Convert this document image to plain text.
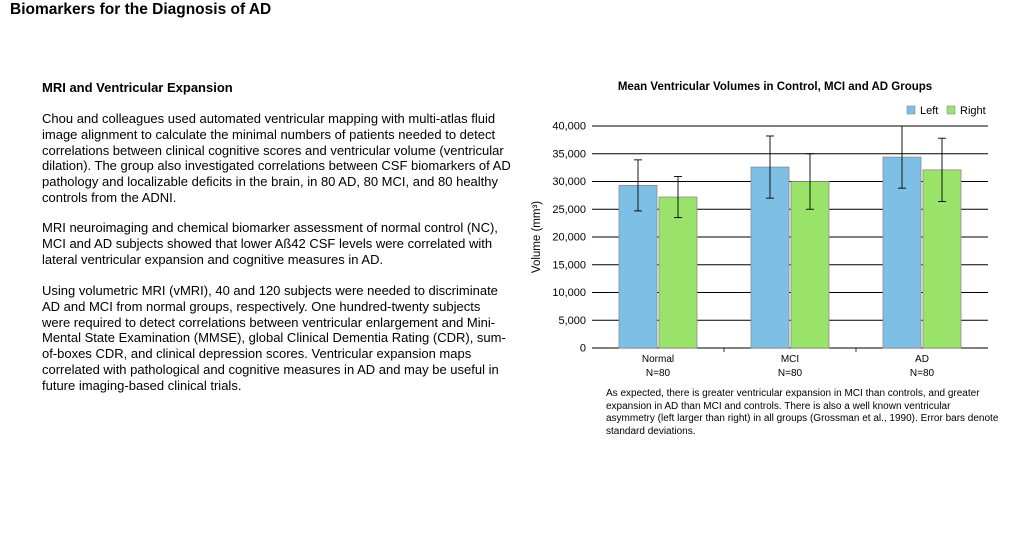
Biomarkers for the Diagnosis of AD
MRI and Ventricular Expansion

Chou and colleagues used automated ventricular mapping with multi-atlas fluid image alignment to calculate the minimal numbers of patients needed to detect correlations between clinical cognitive scores and ventricular volume (ventricular dilation). The group also investigated correlations between CSF biomarkers of AD pathology and localizable deficits in the brain, in 80 AD, 80 MCI, and 80 healthy controls from the ADNI.

MRI neuroimaging and chemical biomarker assessment of normal control (NC), MCI and AD subjects showed that lower Aß42 CSF levels were correlated with lateral ventricular expansion and cognitive measures in AD.

Using volumetric MRI (vMRI), 40 and 120 subjects were needed to discriminate AD and MCI from normal groups, respectively. One hundred-twenty subjects were required to detect correlations between ventricular enlargement and Mini-Mental State Examination (MMSE), global Clinical Dementia Rating (CDR), sum-of-boxes CDR, and clinical depression scores. Ventricular expansion maps correlated with pathological and cognitive measures in AD and may be useful in future imaging-based clinical trials.

Mean Ventricular Volumes in Control, MCI and AD Groups
0
5,000
10,000
15,000
20,000
25,000
30,000
35,000
40,000
Volume (mm³)
Normal
N=80
MCI
N=80
AD
N=80
Left Right

As expected, there is greater ventricular expansion in MCI than controls, and greater expansion in AD than MCI and controls. There is also a well known ventricular asymmetry (left larger than right) in all groups (Grossman et al., 1990). Error bars denote standard deviations.
